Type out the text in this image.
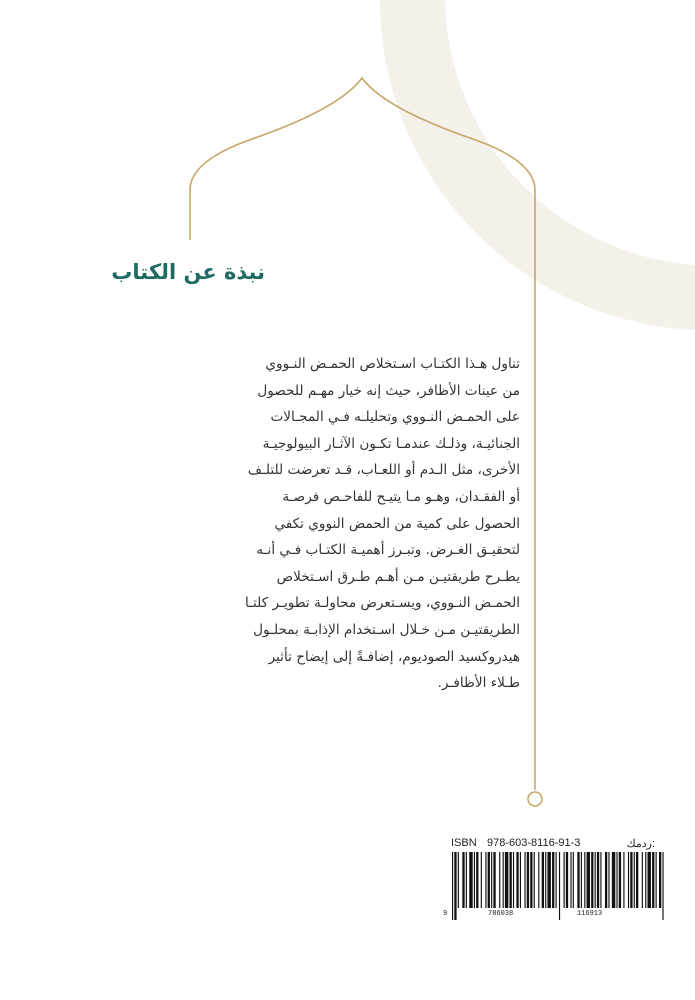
نبذة عن الكتاب
تناول هـذا الكتـاب اسـتخلاص الحمـض النـووي
من عينات الأظافر، حيث إنه خيار مهـم للحصول
على الحمـض النـووي وتحليلـه فـي المجـالات
الجنائيـة، وذلـك عندمـا تكـون الآثـار البيولوجيـة
الأخرى، مثل الـدم أو اللعـاب، قـد تعرضت للتلـف
أو الفقـدان، وهـو مـا يتيـح للفاحـص فرصـة
الحصول على كمية من الحمض النووي تكفي
لتحقيـق الغـرض. وتبـرز أهميـة الكتـاب فـي أنـه
يطـرح طريقتيـن مـن أهـم طـرق اسـتخلاص
الحمـض النـووي، ويسـتعرض محاولـة تطويـر كلتـا
الطريقتيـن مـن خـلال اسـتخدام الإذابـة بمحلـول
هيدروكسيد الصوديوم، إضافـةً إلى إيضاح تأثير
طـلاء الأظافـر.
ردمك:
978-603-8116-91-3
ISBN
9	786038	116913
